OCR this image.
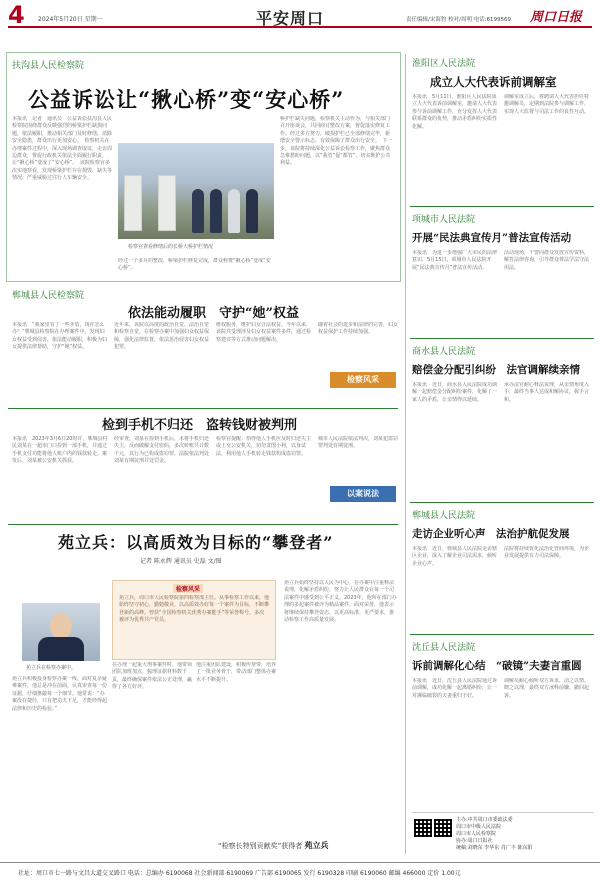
4 2024年5月20日 星期一	平安周口	责任编辑/宋海豹 校对/周明 电话:6199569 周口日报
扶沟县人民检察院
公益诉讼让“揪心桥”变“安心桥”
本报讯　记者　通讯员　公益诉讼扶沟县人民检察院围绕群众反映强烈的桥梁护栏缺损问题，依法履职，推动相关部门及时修缮，消除安全隐患，群众出行更加安心。　检察机关在办理案件过程中，深入现场调查取证，走访周边群众，督促行政机关依法全面履行职责，让“揪心桥”变成了“安心桥”。　该院检察官多次实地察看，发现桥梁护栏存在损毁、缺失等情况，严重威胁过往行人车辆安全。
检察官查看修缮后的长桥大桥护栏情况
桥护栏缺失问题，检察机关主动作为，与相关部门召开座谈会，共同商讨整改方案，督促落实修复工作。经过多方努力，破损护栏已全部修缮完毕，新增安全警示标志，有效保障了群众出行安全。　下一步，该院将持续深化公益诉讼检察工作，聚焦群众急难愁盼问题，以“我管”促“都管”，切实维护公共利益。
经过一个多月的整改，桥梁护栏修复完成，群众称赞“揪心桥”变成“安心桥”。
郸城县人民检察院
依法能动履职　守护“她”权益
本报讯　“我家里有了一些矛盾，现在怎么办？”郸城县检察院在办理案件中，发现妇女权益受到侵害，依法能动履职，积极为妇女提供法律帮助，守护“她”权益。
近年来，该院以高度的政治自觉、法治自觉和检察自觉，在检察办案中加强妇女权益保障，强化法律监督，依法惩治侵害妇女权益犯罪。
维权服务，维护妇女合法权益。今年以来，该院共受理涉及妇女权益案件多件，通过检察建议等方式推动问题解决。
随着社会的进步和法律的完善，妇女权益保护工作持续加强。
检察风采
检到手机不归还　盗转钱财被判刑
本报讯　2023年3月6日20时许，郸城县村民刘某在一超市门口捡到一部手机，并通过手机支付功能将他人账户内的钱款转走。案发后，刘某被公安机关抓获。
经审查，刘某在捡到手机后，未将手机归还失主，反而破解支付密码，多次转账共计数千元，其行为已构成盗窃罪。法院依法判处刘某有期徒刑并处罚金。
检察官提醒：拾得他人手机应及时归还失主或上交公安机关，切勿贪图小利，以身试法。利用他人手机转走钱款构成盗窃罪。
城市人民法院依法判决，刘某犯盗窃罪判处有期徒刑。
以案说法
苑立兵：以高质效为目标的“攀登者”
记者 陈永辉 通讯员 史磊 文/图
苑立兵在检察办案中。
检察风采
苑立兵，周口市人民检察院第四检察部主任。从事检察工作以来，他始终坚守初心，勤勉敬业，以高质效办好每一个案件为目标，不断攀登新的高峰。曾获“全国检察机关优秀办案能手”等荣誉称号，多次被评为优秀共产党员。
苑立兵积极投身检察办案一线，面对复杂疑难案件，他总是冲在前面，认真审查每一份证据，仔细推敲每一个细节。他常说：“办案没有捷径，只有把功夫下足，才能经得起法律和历史的检验。”
在办理一起重大刑事案件时，他带领团队加班加点，梳理证据材料数千页，最终确保案件依法公正处理，赢得了各方好评。
他注重团队建设，积极传帮带，培养了一批业务骨干，带动部门整体办案水平不断提升。
苑立兵始终坚持以人民为中心，在办案中注重释法说理，化解矛盾纠纷，努力让人民群众在每一个司法案件中感受到公平正义。2023年，他所在部门办理的多起案件被评为精品案件。面对荣誉，他表示将继续保持攀登姿态，以更高标准、更严要求，推动检察工作高质量发展。
“检察长特别贡献奖”获得者 苑立兵
淮阳区人民法院
成立人大代表诉前调解室
本报讯　5月11日，淮阳区人民法院成立人大代表诉前调解室，邀请人大代表参与诉前调解工作，充分发挥人大代表联系群众的优势，推动矛盾纠纷实质性化解。
调解室成立后，将聘请人大代表担任特邀调解员，定期到法院参与调解工作，实现人大监督与司法工作的良性互动。
项城市人民法院
开展“民法典宣传月”普法宣传活动
本报讯　为进一步增强广大市民的法律意识，5月15日，项城市人民法院开展“民法典宣传月”普法宣传活动。
活动现场，干警向群众发放宣传资料，解答法律咨询，引导群众尊法学法守法用法。
商水县人民法院
赔偿金分配引纠纷　法官调解续亲情
本报讯　近日，商水县人民法院成功调解一起赔偿金分配纠纷案件，化解了一家人的矛盾，让亲情得以延续。
承办法官耐心释法说理，从亲情角度入手，最终当事人达成和解协议，握手言和。
郸城县人民法院
走访企业听心声　法治护航促发展
本报讯　近日，郸城县人民法院走访辖区企业，深入了解企业司法需求，倾听企业心声。
法院将持续优化法治化营商环境，为企业发展提供有力司法保障。
沈丘县人民法院
诉前调解化心结　“破镜”夫妻言重圆
本报讯　近日，沈丘县人民法院通过诉前调解，成功化解一起离婚纠纷，让一对濒临破裂的夫妻重归于好。
调解员耐心倾听双方诉求，动之以情、晓之以理，最终双方冰释前嫌，撤回起诉。
主办:中共周口市委政法委
周口市中级人民法院
周口市人民检察院
协办:周口日报社
统稿:刘晓东 李华东 肖广丰 陈东阳
社址：周口市七一路与文昌大道交叉路口 电话：总编办 6190068 社会新闻部 6190069 广告部 6190065 发行 6190328 印刷 6190060 邮编 466000 定价 1.00元
